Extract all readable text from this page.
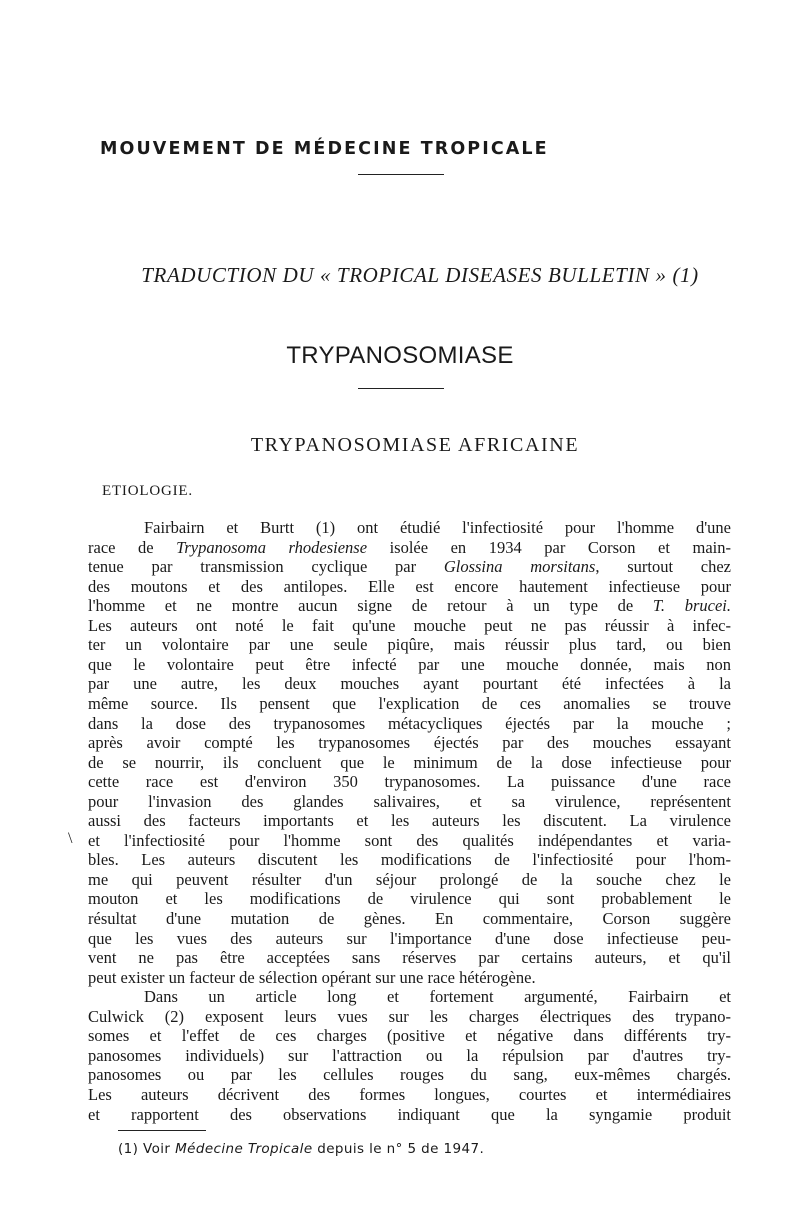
MOUVEMENT DE MÉDECINE TROPICALE
TRADUCTION DU « TROPICAL DISEASES BULLETIN » (1)
TRYPANOSOMIASE
TRYPANOSOMIASE AFRICAINE
ETIOLOGIE.
\
Fairbairn et Burtt (1) ont étudié l'infectiosité pour l'homme d'une
race de Trypanosoma rhodesiense isolée en 1934 par Corson et main-
tenue par transmission cyclique par Glossina morsitans, surtout chez
des moutons et des antilopes. Elle est encore hautement infectieuse pour
l'homme et ne montre aucun signe de retour à un type de T. brucei.
Les auteurs ont noté le fait qu'une mouche peut ne pas réussir à infec-
ter un volontaire par une seule piqûre, mais réussir plus tard, ou bien
que le volontaire peut être infecté par une mouche donnée, mais non
par une autre, les deux mouches ayant pourtant été infectées à la
même source. Ils pensent que l'explication de ces anomalies se trouve
dans la dose des trypanosomes métacycliques éjectés par la mouche ;
après avoir compté les trypanosomes éjectés par des mouches essayant
de se nourrir, ils concluent que le minimum de la dose infectieuse pour
cette race est d'environ 350 trypanosomes. La puissance d'une race
pour l'invasion des glandes salivaires, et sa virulence, représentent
aussi des facteurs importants et les auteurs les discutent. La virulence
et l'infectiosité pour l'homme sont des qualités indépendantes et varia-
bles. Les auteurs discutent les modifications de l'infectiosité pour l'hom-
me qui peuvent résulter d'un séjour prolongé de la souche chez le
mouton et les modifications de virulence qui sont probablement le
résultat d'une mutation de gènes. En commentaire, Corson suggère
que les vues des auteurs sur l'importance d'une dose infectieuse peu-
vent ne pas être acceptées sans réserves par certains auteurs, et qu'il
peut exister un facteur de sélection opérant sur une race hétérogène.
Dans un article long et fortement argumenté, Fairbairn et
Culwick (2) exposent leurs vues sur les charges électriques des trypano-
somes et l'effet de ces charges (positive et négative dans différents try-
panosomes individuels) sur l'attraction ou la répulsion par d'autres try-
panosomes ou par les cellules rouges du sang, eux-mêmes chargés.
Les auteurs décrivent des formes longues, courtes et intermédiaires
et rapportent des observations indiquant que la syngamie produit
(1) Voir Médecine Tropicale depuis le n° 5 de 1947.
